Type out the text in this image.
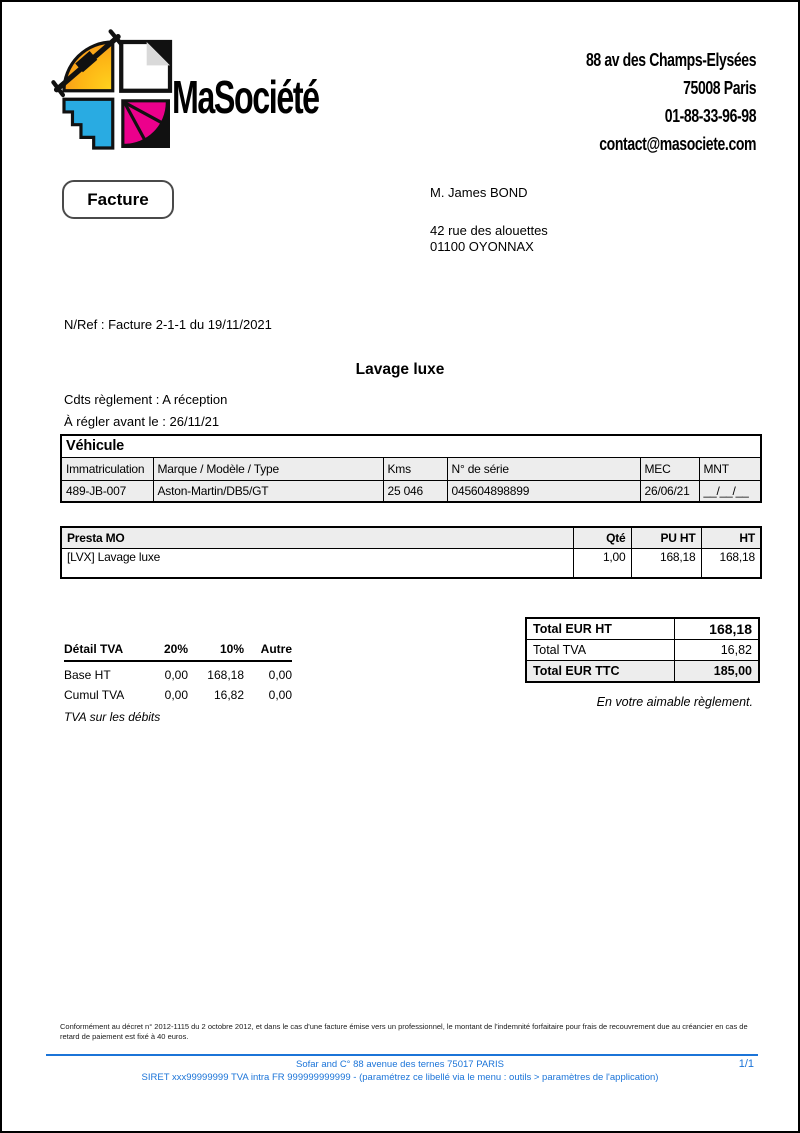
MaSociété
88 av des Champs-Elysées
75008 Paris
01-88-33-96-98
contact@masociete.com
Facture	M. James BOND
42 rue des alouettes
01100 OYONNAX
N/Ref : Facture 2-1-1 du 19/11/2021
Lavage luxe
Cdts règlement : A réception
À régler avant le : 26/11/21
Véhicule					
Immatriculation	Marque / Modèle / Type	Kms	N° de série	MEC	MNT
489-JB-007	Aston-Martin/DB5/GT	25 046	045604898899	26/06/21	__/__/__
Presta MO	Qté	PU HT	HT
[LVX] Lavage luxe	1,00	168,18	168,18
Détail TVA	20%	10%	Autre
Base HT	0,00	168,18	0,00
Cumul TVA	0,00	16,82	0,00
TVA sur les débits
Total EUR HT	168,18
Total TVA	16,82
Total EUR TTC	185,00
En votre aimable règlement.
Conformément au décret n° 2012-1115 du 2 octobre 2012, et dans le cas d'une facture émise vers un professionnel, le montant de l'indemnité forfaitaire pour frais de recouvrement due au créancier en cas de retard de paiement est fixé à 40 euros.
Sofar and C° 88 avenue des ternes 75017 PARIS
SIRET xxx99999999 TVA intra FR 999999999999 - (paramétrez ce libellé via le menu : outils > paramètres de l'application)
1/1
